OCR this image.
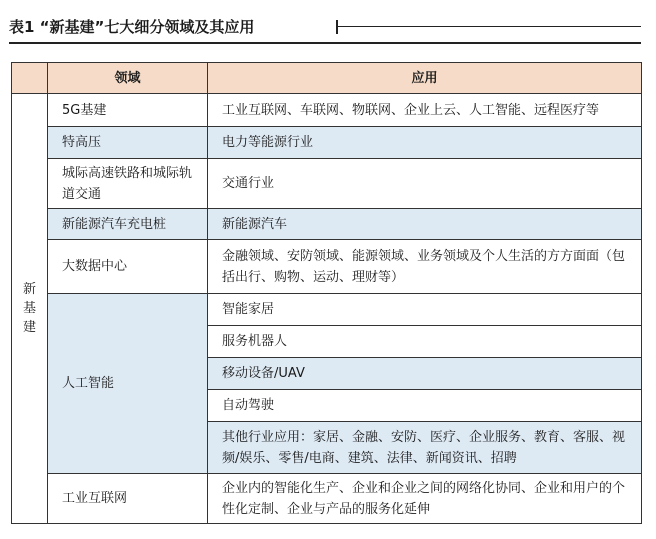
表1 “新基建”七大细分领域及其应用
	领域	应用
新基建	5G基建	工业互联网、车联网、物联网、企业上云、人工智能、远程医疗等
	特高压	电力等能源行业
	城际高速铁路和城际轨道交通	交通行业
	新能源汽车充电桩	新能源汽车
	大数据中心	金融领域、安防领域、能源领域、业务领域及个人生活的方方面面（包括出行、购物、运动、理财等）
	人工智能	智能家居
		服务机器人
		移动设备/UAV
		自动驾驶
		其他行业应用：家居、金融、安防、医疗、企业服务、教育、客服、视频/娱乐、零售/电商、建筑、法律、新闻资讯、招聘
	工业互联网	企业内的智能化生产、企业和企业之间的网络化协同、企业和用户的个性化定制、企业与产品的服务化延伸
